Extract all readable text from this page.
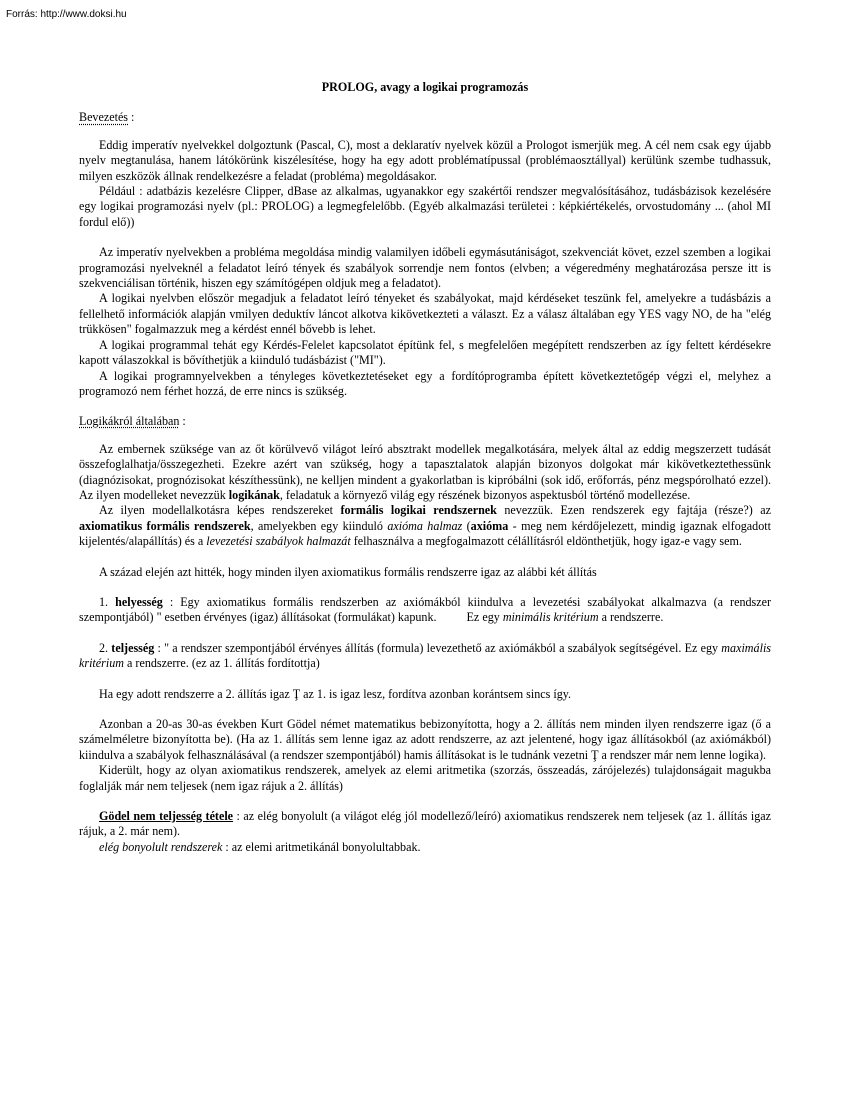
Forrás: http://www.doksi.hu
PROLOG, avagy a logikai programozás
Bevezetés :

Eddig imperatív nyelvekkel dolgoztunk (Pascal, C), most a deklaratív nyelvek közül a Prologot ismerjük meg. A cél nem csak egy újabb nyelv megtanulása, hanem látókörünk kiszélesítése, hogy ha egy adott problématípussal (problémaosztállyal) kerülünk szembe tudhassuk, milyen eszközök állnak rendelkezésre a feladat (probléma) megoldásakor.

Például : adatbázis kezelésre Clipper, dBase az alkalmas, ugyanakkor egy szakértői rendszer megvalósításához, tudásbázisok kezelésére egy logikai programozási nyelv (pl.: PROLOG) a legmegfelelőbb. (Egyéb alkalmazási területei : képkiértékelés, orvostudomány ... (ahol MI fordul elő))

Az imperatív nyelvekben a probléma megoldása mindig valamilyen időbeli egymásutániságot, szekvenciát követ, ezzel szemben a logikai programozási nyelveknél a feladatot leíró tények és szabályok sorrendje nem fontos (elvben; a végeredmény meghatározása persze itt is szekvenciálisan történik, hiszen egy számítógépen oldjuk meg a feladatot).

A logikai nyelvben először megadjuk a feladatot leíró tényeket és szabályokat, majd kérdéseket teszünk fel, amelyekre a tudásbázis a fellelhető információk alapján vmilyen deduktív láncot alkotva kikövetkezteti a választ. Ez a válasz általában egy YES vagy NO, de ha "elég trükkösen" fogalmazzuk meg a kérdést ennél bővebb is lehet.

A logikai programmal tehát egy Kérdés-Felelet kapcsolatot építünk fel, s megfelelően megépített rendszerben az így feltett kérdésekre kapott válaszokkal is bővíthetjük a kiinduló tudásbázist ("MI").

A logikai programnyelvekben a tényleges következtetéseket egy a fordítóprogramba épített következtetőgép végzi el, melyhez a programozó nem férhet hozzá, de erre nincs is szükség.

Logikákról általában :

Az embernek szüksége van az őt körülvevő világot leíró absztrakt modellek megalkotására, melyek által az eddig megszerzett tudását összefoglalhatja/összegezheti. Ezekre azért van szükség, hogy a tapasztalatok alapján bizonyos dolgokat már kikövetkeztethessünk (diagnózisokat, prognózisokat készíthessünk), ne kelljen mindent a gyakorlatban is kipróbálni (sok idő, erőforrás, pénz megspórolható ezzel). Az ilyen modelleket nevezzük logikának, feladatuk a környező világ egy részének bizonyos aspektusból történő modellezése.

Az ilyen modellalkotásra képes rendszereket formális logikai rendszernek nevezzük. Ezen rendszerek egy fajtája (része?) az axiomatikus formális rendszerek, amelyekben egy kiinduló axióma halmaz (axióma - meg nem kérdőjelezett, mindig igaznak elfogadott kijelentés/alapállítás) és a levezetési szabályok halmazát felhasználva a megfogalmazott célállításról eldönthetjük, hogy igaz-e vagy sem.

A század elején azt hitték, hogy minden ilyen axiomatikus formális rendszerre igaz az alábbi két állítás

1. helyesség : Egy axiomatikus formális rendszerben az axiómákból kiindulva a levezetési szabályokat alkalmazva (a rendszer szempontjából) " esetben érvényes (igaz) állításokat (formulákat) kapunk. Ez egy minimális kritérium a rendszerre.

2. teljesség : " a rendszer szempontjából érvényes állítás (formula) levezethető az axiómákból a szabályok segítségével. Ez egy maximális kritérium a rendszerre. (ez az 1. állítás fordítottja)

Ha egy adott rendszerre a 2. állítás igaz Ţ az 1. is igaz lesz, fordítva azonban korántsem sincs így.

Azonban a 20-as 30-as években Kurt Gödel német matematikus bebizonyította, hogy a 2. állítás nem minden ilyen rendszerre igaz (ő a számelméletre bizonyította be). (Ha az 1. állítás sem lenne igaz az adott rendszerre, az azt jelentené, hogy igaz állításokból (az axiómákból) kiindulva a szabályok felhasználásával (a rendszer szempontjából) hamis állításokat is le tudnánk vezetni Ţ a rendszer már nem lenne logika).

Kiderült, hogy az olyan axiomatikus rendszerek, amelyek az elemi aritmetika (szorzás, összeadás, zárójelezés) tulajdonságait magukba foglalják már nem teljesek (nem igaz rájuk a 2. állítás)

Gödel nem teljesség tétele : az elég bonyolult (a világot elég jól modellező/leíró) axiomatikus rendszerek nem teljesek (az 1. állítás igaz rájuk, a 2. már nem).

elég bonyolult rendszerek : az elemi aritmetikánál bonyolultabbak.
